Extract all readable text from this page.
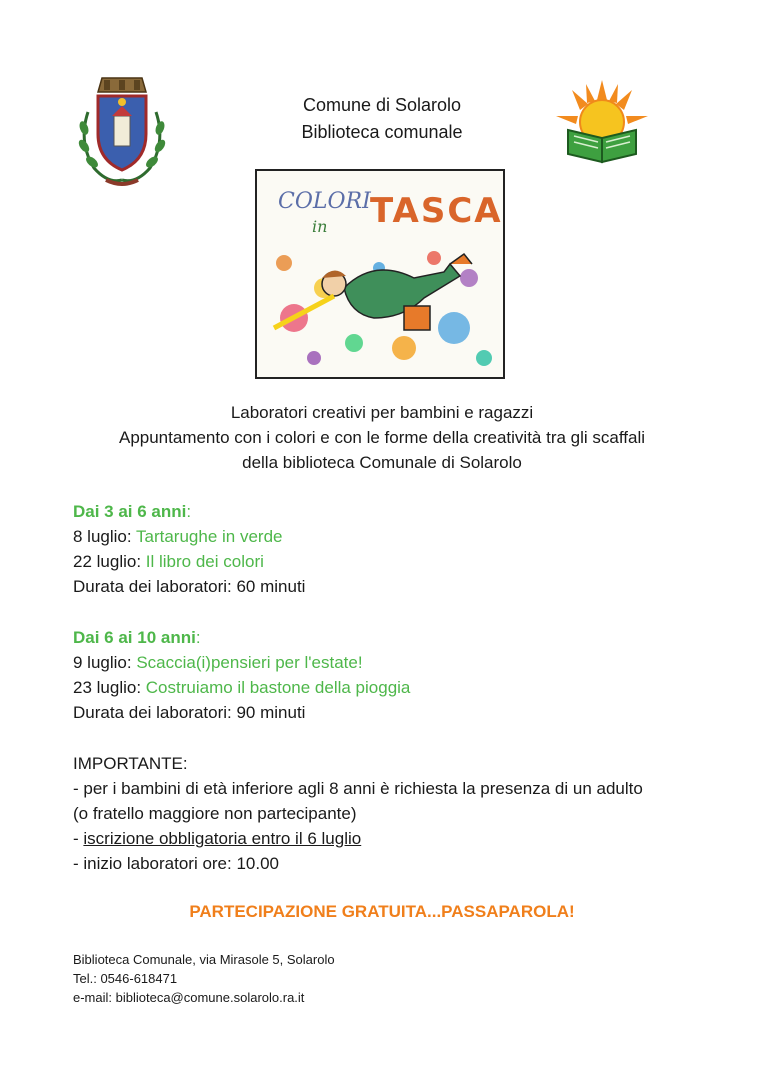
Comune di Solarolo
Biblioteca comunale
COLORI
in TASCA
Laboratori creativi per bambini e ragazzi
Appuntamento con i colori e con le forme della creatività tra gli scaffali
della biblioteca Comunale di Solarolo
Dai 3 ai 6 anni:
8 luglio: Tartarughe in verde
22 luglio: Il libro dei colori
Durata dei laboratori: 60 minuti
Dai 6 ai 10 anni:
9 luglio: Scaccia(i)pensieri per l'estate!
23 luglio: Costruiamo il bastone della pioggia
Durata dei laboratori: 90 minuti
IMPORTANTE:
- per i bambini di età inferiore agli 8 anni è richiesta la presenza di un adulto (o fratello maggiore non partecipante)
- iscrizione obbligatoria entro il 6 luglio
- inizio laboratori ore: 10.00
PARTECIPAZIONE GRATUITA...PASSAPAROLA!
Biblioteca Comunale, via Mirasole 5, Solarolo
Tel.: 0546-618471
e-mail: biblioteca@comune.solarolo.ra.it
